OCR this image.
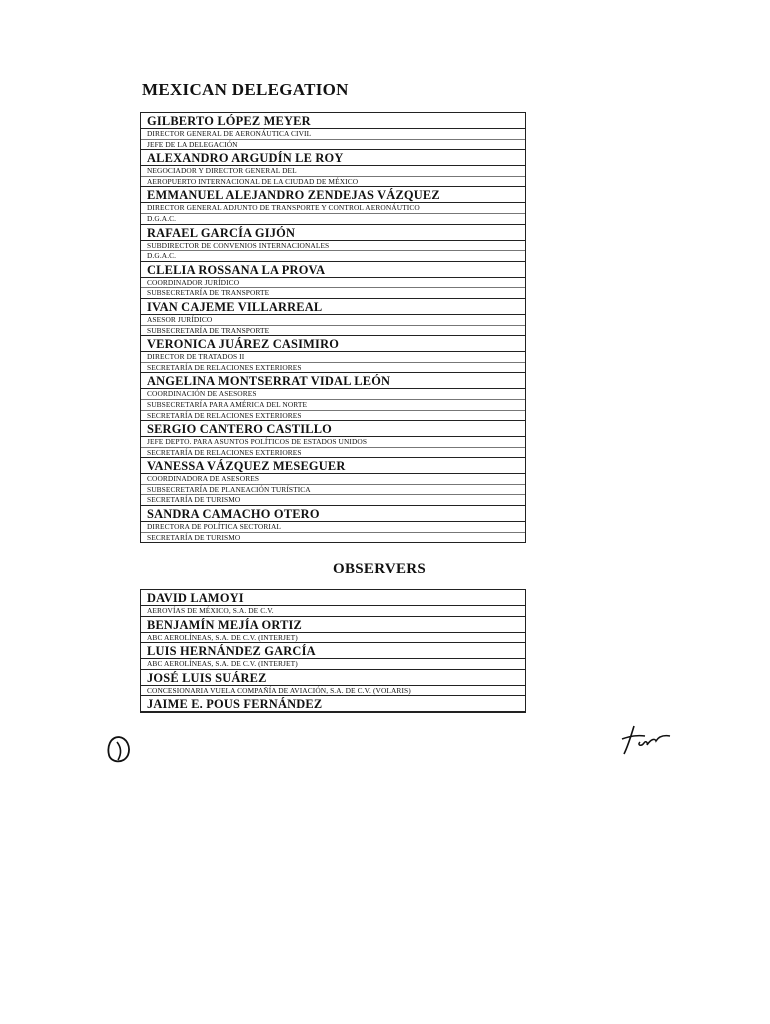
MEXICAN DELEGATION
GILBERTO LÓPEZ MEYER
DIRECTOR GENERAL DE AERONÁUTICA CIVIL
JEFE DE LA DELEGACIÓN
ALEXANDRO ARGUDÍN LE ROY
NEGOCIADOR Y DIRECTOR GENERAL DEL
AEROPUERTO INTERNACIONAL DE LA CIUDAD DE MÉXICO
EMMANUEL ALEJANDRO ZENDEJAS VÁZQUEZ
DIRECTOR GENERAL ADJUNTO DE TRANSPORTE Y CONTROL AERONÁUTICO
D.G.A.C.
RAFAEL GARCÍA GIJÓN
SUBDIRECTOR DE CONVENIOS INTERNACIONALES
D.G.A.C.
CLELIA ROSSANA LA PROVA
COORDINADOR JURÍDICO
SUBSECRETARÍA DE TRANSPORTE
IVAN CAJEME VILLARREAL
ASESOR JURÍDICO
SUBSECRETARÍA DE TRANSPORTE
VERONICA JUÁREZ CASIMIRO
DIRECTOR DE TRATADOS II
SECRETARÍA DE RELACIONES EXTERIORES
ANGELINA MONTSERRAT VIDAL LEÓN
COORDINACIÓN DE ASESORES
SUBSECRETARÍA PARA AMÉRICA DEL NORTE
SECRETARÍA DE RELACIONES EXTERIORES
SERGIO CANTERO CASTILLO
JEFE DEPTO. PARA ASUNTOS POLÍTICOS DE ESTADOS UNIDOS
SECRETARÍA DE RELACIONES EXTERIORES
VANESSA VÁZQUEZ MESEGUER
COORDINADORA DE ASESORES
SUBSECRETARÍA DE PLANEACIÓN TURÍSTICA
SECRETARÍA DE TURISMO
SANDRA CAMACHO OTERO
DIRECTORA DE POLÍTICA SECTORIAL
SECRETARÍA DE TURISMO
OBSERVERS
DAVID LAMOYI
AEROVÍAS DE MÉXICO, S.A. DE C.V.
BENJAMÍN MEJÍA ORTIZ
ABC AEROLÍNEAS, S.A. DE C.V. (INTERJET)
LUIS HERNÁNDEZ GARCÍA
ABC AEROLÍNEAS, S.A. DE C.V. (INTERJET)
JOSÉ LUIS SUÁREZ
CONCESIONARIA VUELA COMPAÑÍA DE AVIACIÓN, S.A. DE C.V. (VOLARIS)
JAIME E. POUS FERNÁNDEZ
